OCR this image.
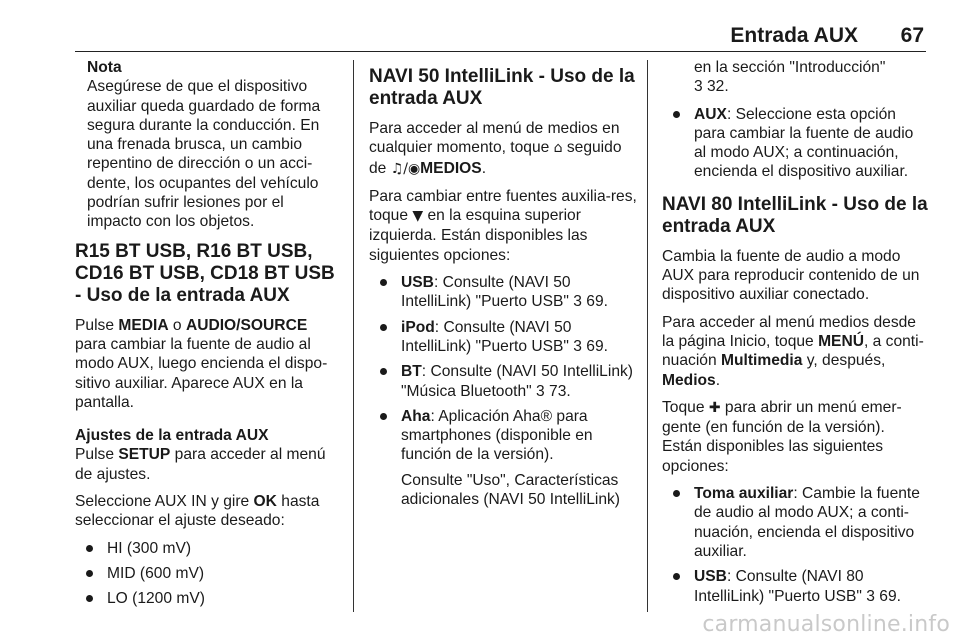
Entrada AUX 67
Nota
Asegúrese de que el dispositivo auxiliar queda guardado de forma segura durante la conducción. En una frenada brusca, un cambio repentino de dirección o un acci-dente, los ocupantes del vehículo podrían sufrir lesiones por el impacto con los objetos.
R15 BT USB, R16 BT USB, CD16 BT USB, CD18 BT USB - Uso de la entrada AUX

Pulse MEDIA o AUDIO/SOURCE para cambiar la fuente de audio al modo AUX, luego encienda el dispo-sitivo auxiliar. Aparece AUX en la pantalla.

Ajustes de la entrada AUX

Pulse SETUP para acceder al menú de ajustes.

Seleccione AUX IN y gire OK hasta seleccionar el ajuste deseado:

HI (300 mV)
MID (600 mV)
LO (1200 mV)
NAVI 50 IntelliLink - Uso de la entrada AUX

Para acceder al menú de medios en cualquier momento, toque ⌂ seguido de ♫/◉MEDIOS.

Para cambiar entre fuentes auxilia-res, toque ▼ en la esquina superior izquierda. Están disponibles las siguientes opciones:

USB: Consulte (NAVI 50 IntelliLink) "Puerto USB" 3 69.
iPod: Consulte (NAVI 50 IntelliLink) "Puerto USB" 3 69.
BT: Consulte (NAVI 50 IntelliLink) "Música Bluetooth" 3 73.
Aha: Aplicación Aha® para smartphones (disponible en función de la versión).
Consulte "Uso", Características adicionales (NAVI 50 IntelliLink)

en la sección "Introducción"
3 32.

AUX: Seleccione esta opción para cambiar la fuente de audio al modo AUX; a continuación, encienda el dispositivo auxiliar.
NAVI 80 IntelliLink - Uso de la entrada AUX

Cambia la fuente de audio a modo AUX para reproducir contenido de un dispositivo auxiliar conectado.

Para acceder al menú medios desde la página Inicio, toque MENÚ, a conti-nuación Multimedia y, después, Medios.

Toque ✚ para abrir un menú emer-gente (en función de la versión). Están disponibles las siguientes opciones:

Toma auxiliar: Cambie la fuente de audio al modo AUX; a conti-nuación, encienda el dispositivo auxiliar.
USB: Consulte (NAVI 80 IntelliLink) "Puerto USB" 3 69.
carmanualsonline.info
